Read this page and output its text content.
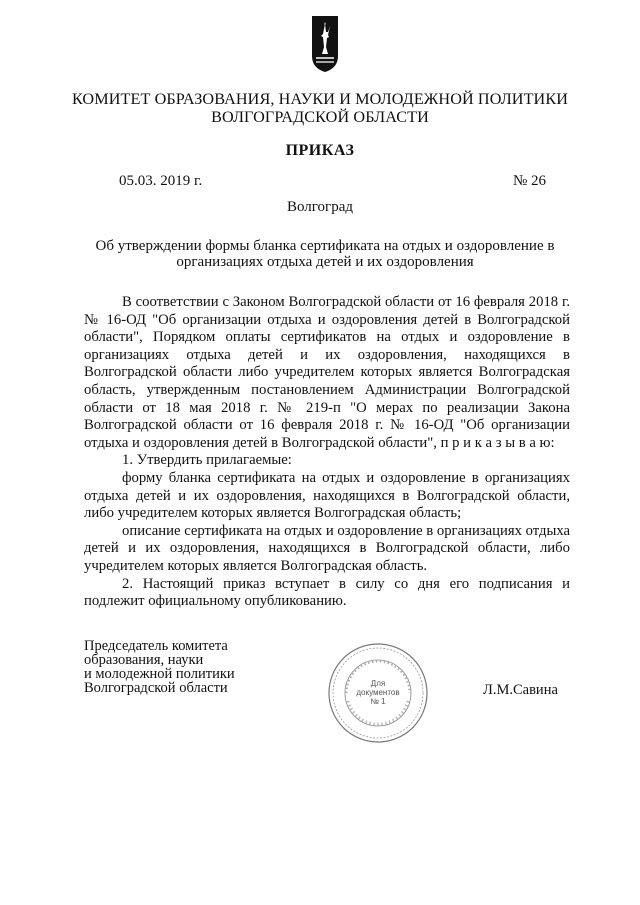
КОМИТЕТ ОБРАЗОВАНИЯ, НАУКИ И МОЛОДЕЖНОЙ ПОЛИТИКИ ВОЛГОГРАДСКОЙ ОБЛАСТИ
ПРИКАЗ
05.03. 2019 г.	№ 26
Волгоград
Об утверждении формы бланка сертификата на отдых и оздоровление в организациях отдыха детей и их оздоровления

В соответствии с Законом Волгоградской области от 16 февраля 2018 г. № 16-ОД "Об организации отдыха и оздоровления детей в Волгоградской области", Порядком оплаты сертификатов на отдых и оздоровление в организациях отдыха детей и их оздоровления, находящихся в Волгоградской области либо учредителем которых является Волгоградская область, утвержденным постановлением Администрации Волгоградской области от 18 мая 2018 г. № 219-п "О мерах по реализации Закона Волгоградской области от 16 февраля 2018 г. № 16-ОД "Об организации отдыха и оздоровления детей в Волгоградской области", п р и к а з ы в а ю:

1. Утвердить прилагаемые:

форму бланка сертификата на отдых и оздоровление в организациях отдыха детей и их оздоровления, находящихся в Волгоградской области, либо учредителем которых является Волгоградская область;

описание сертификата на отдых и оздоровление в организациях отдыха детей и их оздоровления, находящихся в Волгоградской области, либо учредителем которых является Волгоградская область.

2. Настоящий приказ вступает в силу со дня его подписания и подлежит официальному опубликованию.

Председатель комитета
образования, науки
и молодежной политики
Волгоградской области	Для
документов
№ 1
Л.М.Савина
